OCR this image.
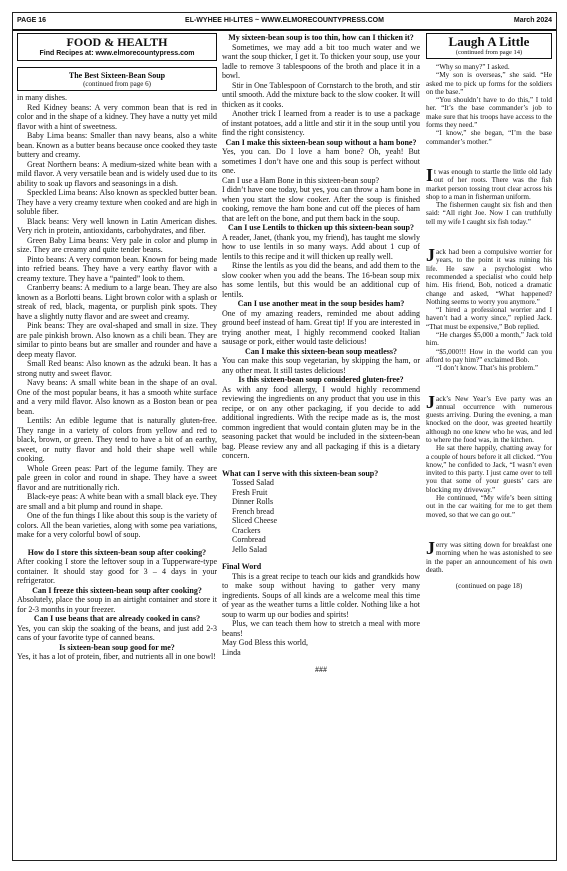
PAGE 16	EL-WYHEE HI-LITES ~ WWW.ELMORECOUNTYPRESS.COM	March 2024
FOOD & HEALTH
Find Recipes at: www.elmorecountypress.com
The Best Sixteen-Bean Soup
(continued from page 6)

in many dishes.

Red Kidney beans: A very common bean that is red in color and in the shape of a kidney. They have a nutty yet mild flavor with a hint of sweetness.

Baby Lima beans: Smaller than navy beans, also a white bean. Known as a butter beans because once cooked they taste buttery and creamy.

Great Northern beans: A medium-sized white bean with a mild flavor. A very versatile bean and is widely used due to its ability to soak up flavors and seasonings in a dish.

Speckled Lima beans: Also known as speckled butter bean. They have a very creamy texture when cooked and are high in soluble fiber.

Black beans: Very well known in Latin American dishes. Very rich in protein, antioxidants, carbohydrates, and fiber.

Green Baby Lima beans: Very pale in color and plump in size. They are creamy and quite tender beans.

Pinto beans: A very common bean. Known for being made into refried beans. They have a very earthy flavor with a creamy texture. They have a “painted” look to them.

Cranberry beans: A medium to a large bean. They are also known as a Borlotti beans. Light brown color with a splash or streak of red, black, magenta, or purplish pink spots. They have a slightly nutty flavor and are sweet and creamy.

Pink beans: They are oval-shaped and small in size. They are pale pinkish brown. Also known as a chili bean. They are similar to pinto beans but are smaller and rounder and have a deep meaty flavor.

Small Red beans: Also known as the adzuki bean. It has a strong nutty and sweet flavor.

Navy beans: A small white bean in the shape of an oval. One of the most popular beans, it has a smooth white surface and a very mild flavor. Also known as a Boston bean or pea bean.

Lentils: An edible legume that is naturally gluten-free. They range in a variety of colors from yellow and red to black, brown, or green. They tend to have a bit of an earthy, sweet, or nutty flavor and hold their shape well while cooking.

Whole Green peas: Part of the legume family. They are pale green in color and round in shape. They have a sweet flavor and are nutritionally rich.

Black-eye peas: A white bean with a small black eye. They are small and a bit plump and round in shape.

One of the fun things I like about this soup is the variety of colors. All the bean varieties, along with some pea variations, make for a very colorful bowl of soup.

How do I store this sixteen-bean soup after cooking?

After cooking I store the leftover soup in a Tupperware-type container. It should stay good for 3 – 4 days in your refrigerator.

Can I freeze this sixteen-bean soup after cooking?

Absolutely, place the soup in an airtight container and store it for 2-3 months in your freezer.

Can I use beans that are already cooked in cans?

Yes, you can skip the soaking of the beans, and just add 2-3 cans of your favorite type of canned beans.

Is sixteen-bean soup good for me?

Yes, it has a lot of protein, fiber, and nutrients all in one bowl!

My sixteen-bean soup is too thin, how can I thicken it?

Sometimes, we may add a bit too much water and we want the soup thicker, I get it. To thicken your soup, use your ladle to remove 3 tablespoons of the broth and place it in a bowl.

Stir in One Tablespoon of Cornstarch to the broth, and stir until smooth. Add the mixture back to the slow cooker. It will thicken as it cooks.

Another trick I learned from a reader is to use a package of instant potatoes, add a little and stir it in the soup until you find the right consistency.

Can I make this sixteen-bean soup without a ham bone?

Yes, you can. Do I love a ham bone? Oh, yeah! But sometimes I don’t have one and this soup is perfect without one.

Can I use a Ham Bone in this sixteen-bean soup?

I didn’t have one today, but yes, you can throw a ham bone in when you start the slow cooker. After the soup is finished cooking, remove the ham bone and cut off the pieces of ham that are left on the bone, and put them back in the soup.

Can I use Lentils to thicken up this sixteen-bean soup?

A reader, Janet, (thank you, my friend), has taught me slowly how to use lentils in so many ways. Add about 1 cup of lentils to this recipe and it will thicken up really well.

Rinse the lentils as you did the beans, and add them to the slow cooker when you add the beans. The 16-bean soup mix has some lentils, but this would be an additional cup of lentils.

Can I use another meat in the soup besides ham?

One of my amazing readers, reminded me about adding ground beef instead of ham. Great tip! If you are interested in trying another meat, I highly recommend cooked Italian sausage or pork, either would taste delicious!

Can I make this sixteen-bean soup meatless?

You can make this soup vegetarian, by skipping the ham, or any other meat. It still tastes delicious!

Is this sixteen-bean soup considered gluten-free?

As with any food allergy, I would highly recommend reviewing the ingredients on any product that you use in this recipe, or on any other packaging, if you decide to add additional ingredients. With the recipe made as is, the most common ingredient that would contain gluten may be in the seasoning packet that would be included in the sixteen-bean bag. Please review any and all packaging if this is a dietary concern.

What can I serve with this sixteen-bean soup?

Tossed Salad
Fresh Fruit
Dinner Rolls
French bread
Sliced Cheese
Crackers
Cornbread
Jello Salad

Final Word

This is a great recipe to teach our kids and grandkids how to make soup without having to gather very many ingredients. Soups of all kinds are a welcome meal this time of year as the weather turns a little colder. Nothing like a hot soup to warm up our bodies and spirits!

Plus, we can teach them how to stretch a meal with more beans!

May God Bless this world,

Linda

###

Laugh A Little
(continued from page 14)

“Why so many?” I asked.

“My son is overseas,” she said. “He asked me to pick up forms for the soldiers on the base.”

“You shouldn’t have to do this,” I told her. “It’s the base commander’s job to make sure that his troops have access to the forms they need.”

“I know,” she began, “I’m the base commander’s mother.”

It was enough to startle the little old lady out of her roots. There was the fish market person tossing trout clear across his shop to a man in fisherman uniform.

The fishermen caught six fish and then said: “All right Joe. Now I can truthfully tell my wife I caught six fish today.”

Jack had been a compulsive worrier for years, to the point it was ruining his life. He saw a psychologist who recommended a specialist who could help him. His friend, Bob, noticed a dramatic change and asked, “What happened? Nothing seems to worry you anymore.”

“I hired a professional worrier and I haven’t had a worry since,” replied Jack. “That must be expensive,” Bob replied.

“He charges $5,000 a month,” Jack told him.

“$5,000!!! How in the world can you afford to pay him?” exclaimed Bob.

“I don’t know. That’s his problem.”

Jack’s New Year’s Eve party was an annual occurrence with numerous guests arriving. During the evening, a man knocked on the door, was greeted heartily although no one knew who he was, and led to where the food was, in the kitchen.

He sat there happily, chatting away for a couple of hours before it all clicked. “You know,” he confided to Jack, “I wasn’t even invited to this party. I just came over to tell you that some of your guests’ cars are blocking my driveway.”

He continued, “My wife’s been sitting out in the car waiting for me to get them moved, so that we can go out.”

Jerry was sitting down for breakfast one morning when he was astonished to see in the paper an announcement of his own death.

(continued on page 18)
